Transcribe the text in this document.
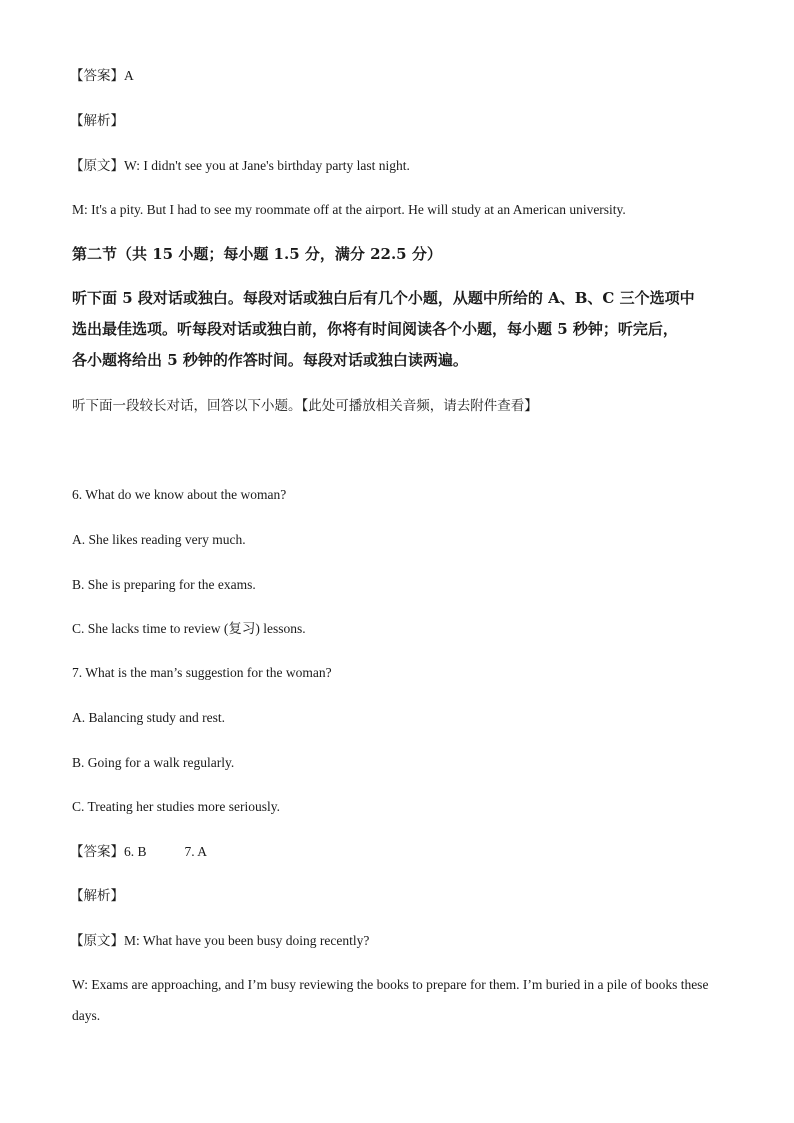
【答案】A
【解析】
【原文】W: I didn't see you at Jane's birthday party last night.
M: It's a pity. But I had to see my roommate off at the airport. He will study at an American university.
第二节（共 15 小题；每小题 1.5 分，满分 22.5 分）
听下面 5 段对话或独白。每段对话或独白后有几个小题，从题中所给的 A、B、C 三个选项中
选出最佳选项。听每段对话或独白前，你将有时间阅读各个小题，每小题 5 秒钟；听完后，
各小题将给出 5 秒钟的作答时间。每段对话或独白读两遍。
听下面一段较长对话，回答以下小题。【此处可播放相关音频，请去附件查看】
6. What do we know about the woman?
A. She likes reading very much.
B. She is preparing for the exams.
C. She lacks time to review (复习) lessons.
7. What is the man’s suggestion for the woman?
A. Balancing study and rest.
B. Going for a walk regularly.
C. Treating her studies more seriously.
【答案】6. B	7. A
【解析】
【原文】M: What have you been busy doing recently?
W: Exams are approaching, and I’m busy reviewing the books to prepare for them. I’m buried in a pile of books these days.
